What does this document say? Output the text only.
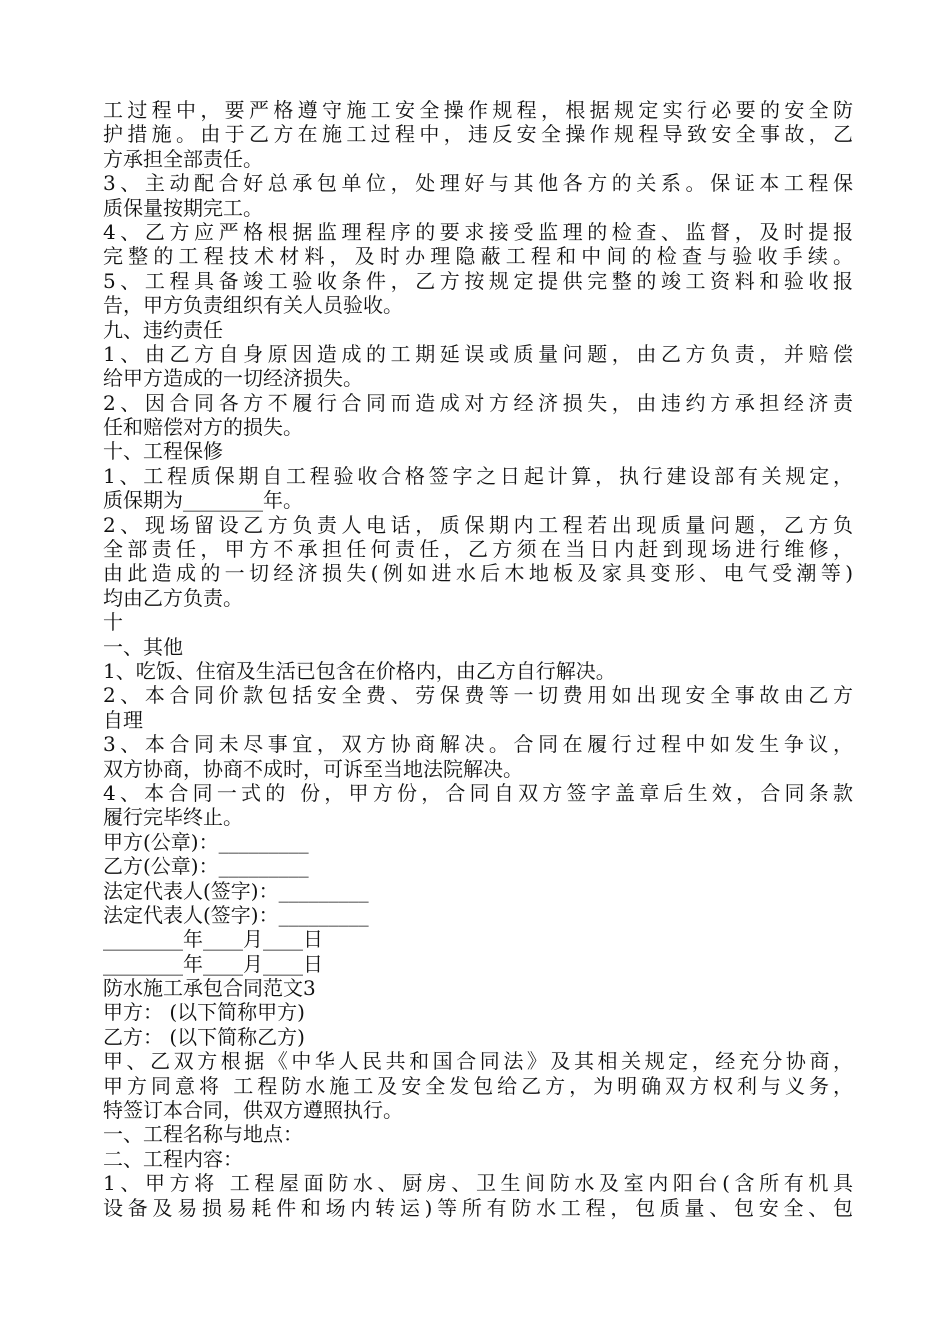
工过程中，要严格遵守施工安全操作规程，根据规定实行必要的安全防

护措施。由于乙方在施工过程中，违反安全操作规程导致安全事故，乙

方承担全部责任。

3、主动配合好总承包单位，处理好与其他各方的关系。保证本工程保

质保量按期完工。

4、乙方应严格根据监理程序的要求接受监理的检查、监督，及时提报

完整的工程技术材料，及时办理隐蔽工程和中间的检查与验收手续。

5、工程具备竣工验收条件，乙方按规定提供完整的竣工资料和验收报

告，甲方负责组织有关人员验收。

九、违约责任

1、由乙方自身原因造成的工期延误或质量问题，由乙方负责，并赔偿

给甲方造成的一切经济损失。

2、因合同各方不履行合同而造成对方经济损失，由违约方承担经济责

任和赔偿对方的损失。

十、工程保修

1、工程质保期自工程验收合格签字之日起计算，执行建设部有关规定，

质保期为________年。

2、现场留设乙方负责人电话，质保期内工程若出现质量问题，乙方负

全部责任，甲方不承担任何责任，乙方须在当日内赶到现场进行维修，

由此造成的一切经济损失(例如进水后木地板及家具变形、电气受潮等)

均由乙方负责。

十

一、其他

1、吃饭、住宿及生活已包含在价格内，由乙方自行解决。

2、本合同价款包括安全费、劳保费等一切费用如出现安全事故由乙方

自理

3、本合同未尽事宜，双方协商解决。合同在履行过程中如发生争议，

双方协商，协商不成时，可诉至当地法院解决。

4、本合同一式的 份，甲方份，合同自双方签字盖章后生效，合同条款

履行完毕终止。

甲方(公章)：_________

乙方(公章)：_________

法定代表人(签字)：_________

法定代表人(签字)：_________

________年____月____日

________年____月____日

防水施工承包合同范文3

甲方： (以下简称甲方)

乙方： (以下简称乙方)

甲、乙双方根据《中华人民共和国合同法》及其相关规定，经充分协商，

甲方同意将 工程防水施工及安全发包给乙方，为明确双方权利与义务，

特签订本合同，供双方遵照执行。

一、工程名称与地点：

二、工程内容：

1、甲方将 工程屋面防水、厨房、卫生间防水及室内阳台(含所有机具

设备及易损易耗件和场内转运)等所有防水工程，包质量、包安全、包
